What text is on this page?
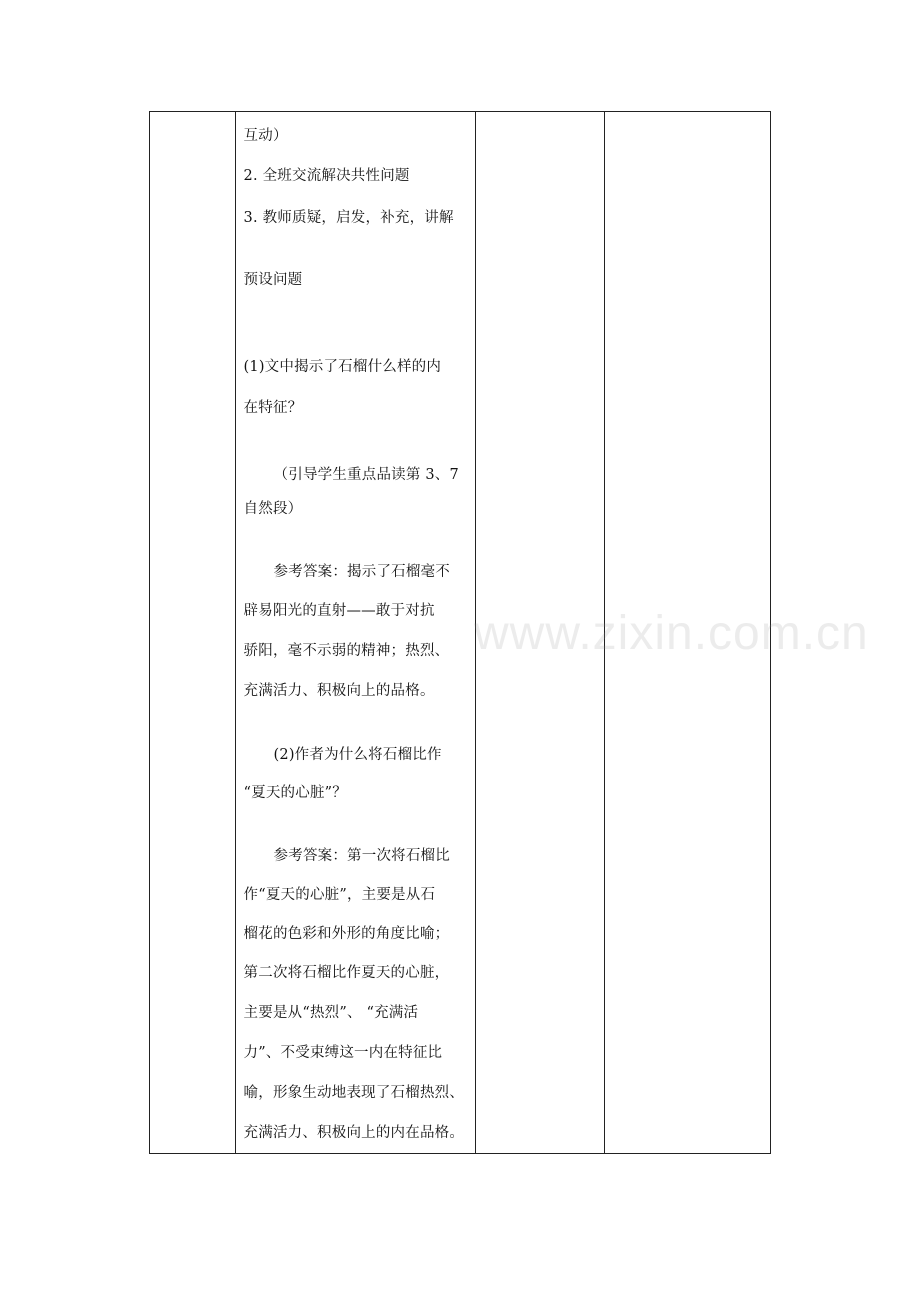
互动）
2. 全班交流解决共性问题
3. 教师质疑，启发，补充，讲解
预设问题
(1)文中揭示了石榴什么样的内
在特征？
（引导学生重点品读第 3、7
自然段）
参考答案：揭示了石榴毫不
辟易阳光的直射——敢于对抗
骄阳，毫不示弱的精神；热烈、
充满活力、积极向上的品格。
(2)作者为什么将石榴比作
“夏天的心脏”？
参考答案：第一次将石榴比
作“夏天的心脏”，主要是从石
榴花的色彩和外形的角度比喻；
第二次将石榴比作夏天的心脏，
主要是从“热烈”、 “充满活
力”、不受束缚这一内在特征比
喻，形象生动地表现了石榴热烈、
充满活力、积极向上的内在品格。

www.zixin.com.cn
